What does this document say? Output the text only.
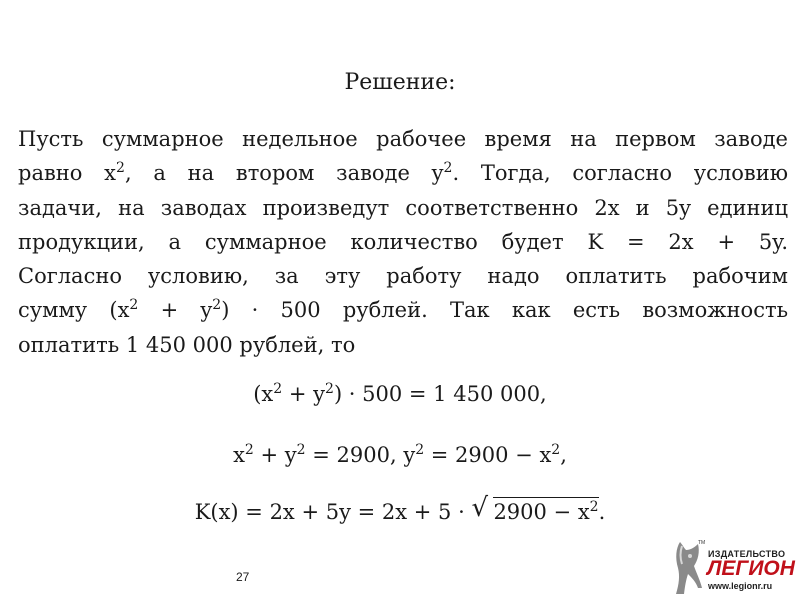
Решение:
Пусть суммарное недельное рабочее время на первом заводе
равно $x^2$, а на втором заводе $y^2$. Тогда, согласно условию
задачи, на заводах произведут соответственно 2x и 5y единиц
продукции, а суммарное количество будет K = 2x + 5y.
Согласно условию, за эту работу надо оплатить рабочим
сумму $(x^2 + y^2) \cdot 500$ рублей. Так как есть возможность
оплатить 1 450 000 рублей, то
$(x^2 + y^2) \cdot 500 = 1$ 450 000,
$x^2 + y^2 = 2900$, $y^2 = 2900 - x^2$,
K(x) = 2x + 5y = 2x + 5 · √ $2900 - x^2$.
27
TM
ИЗДАТЕЛЬСТВО
ЛЕГИОН
www.legionr.ru
